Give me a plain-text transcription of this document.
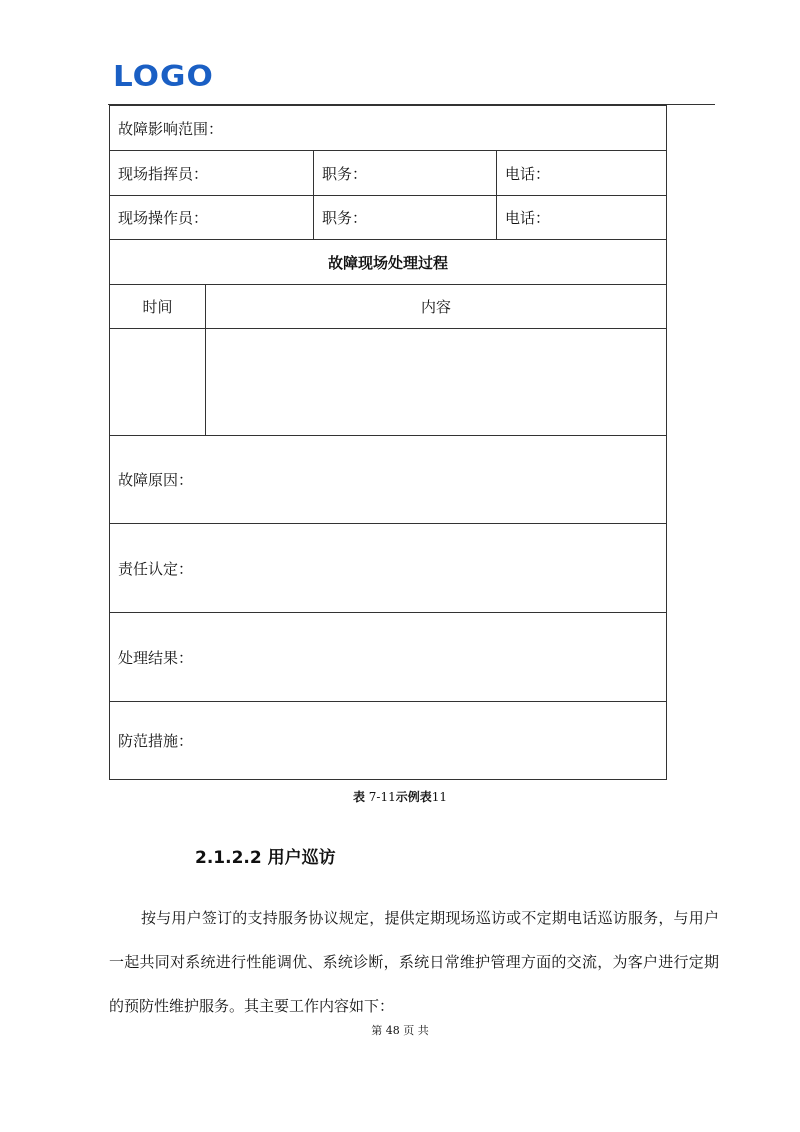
LOGO
故障影响范围：			
现场指挥员：		职务：	电话：
现场操作员：		职务：	电话：
故障现场处理过程			
时间	内容		

故障原因：			
责任认定：			
处理结果：			
防范措施：			
表 7-11示例表11
2.1.2.2 用户巡访

按与用户签订的支持服务协议规定，提供定期现场巡访或不定期电话巡访服务，与用户一起共同对系统进行性能调优、系统诊断，系统日常维护管理方面的交流，为客户进行定期的预防性维护服务。其主要工作内容如下：

第 48 页 共
